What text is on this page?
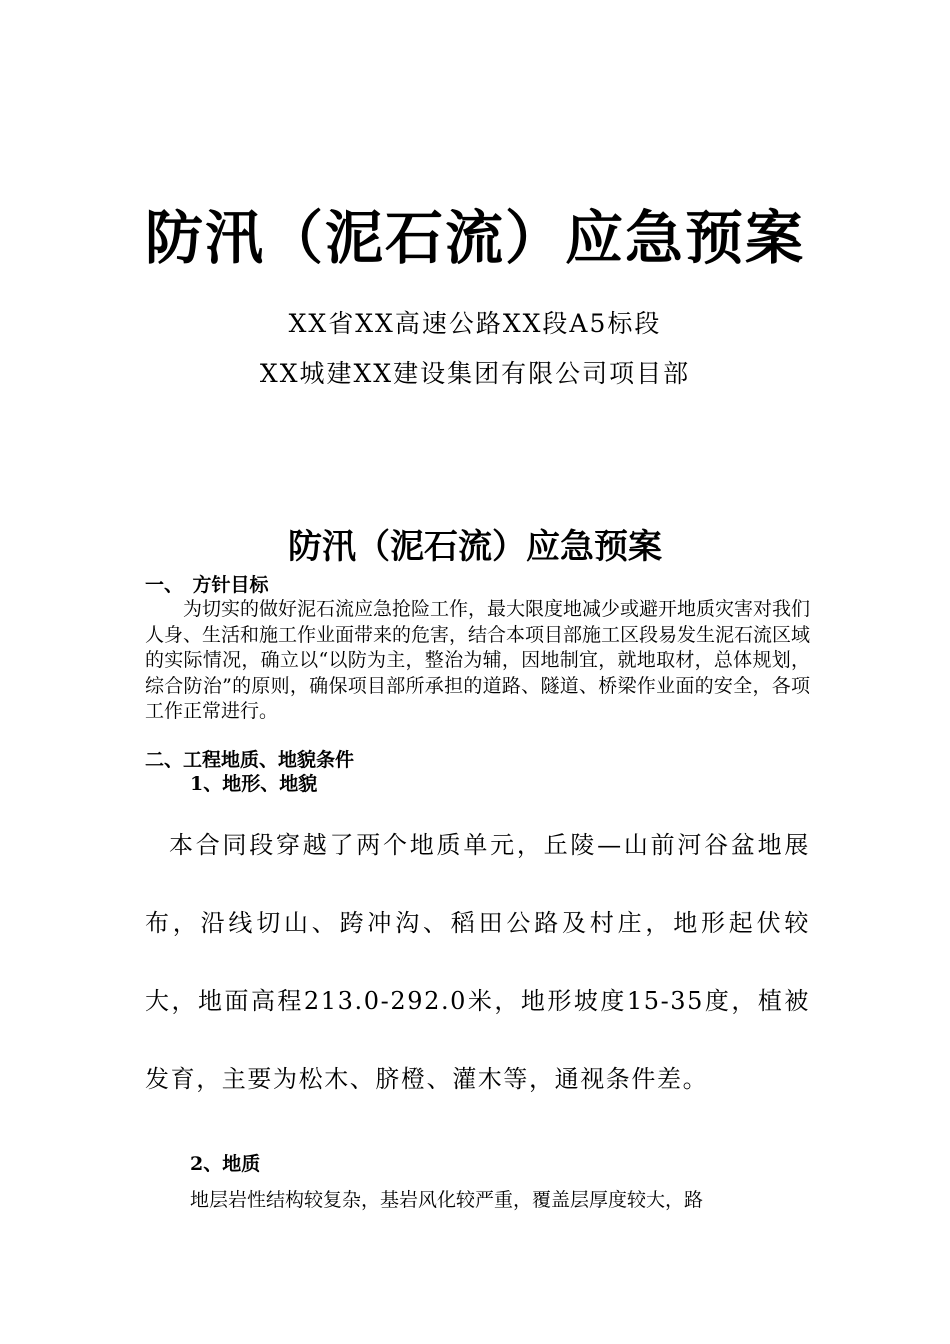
防汛（泥石流）应急预案
XX省XX高速公路XX段A5标段
XX城建XX建设集团有限公司项目部
防汛（泥石流）应急预案
一、　方针目标
为切实的做好泥石流应急抢险工作，最大限度地减少或避开地质灾害对我们人身、生活和施工作业面带来的危害，结合本项目部施工区段易发生泥石流区域的实际情况，确立以“以防为主，整治为辅，因地制宜，就地取材，总体规划，综合防治”的原则，确保项目部所承担的道路、隧道、桥梁作业面的安全，各项工作正常进行。
二、工程地质、地貌条件
1、地形、地貌
本合同段穿越了两个地质单元，丘陵—山前河谷盆地展布，沿线切山、跨冲沟、稻田公路及村庄，地形起伏较大，地面高程213.0-292.0米，地形坡度15-35度，植被发育，主要为松木、脐橙、灌木等，通视条件差。
2、地质
地层岩性结构较复杂，基岩风化较严重，覆盖层厚度较大，路
